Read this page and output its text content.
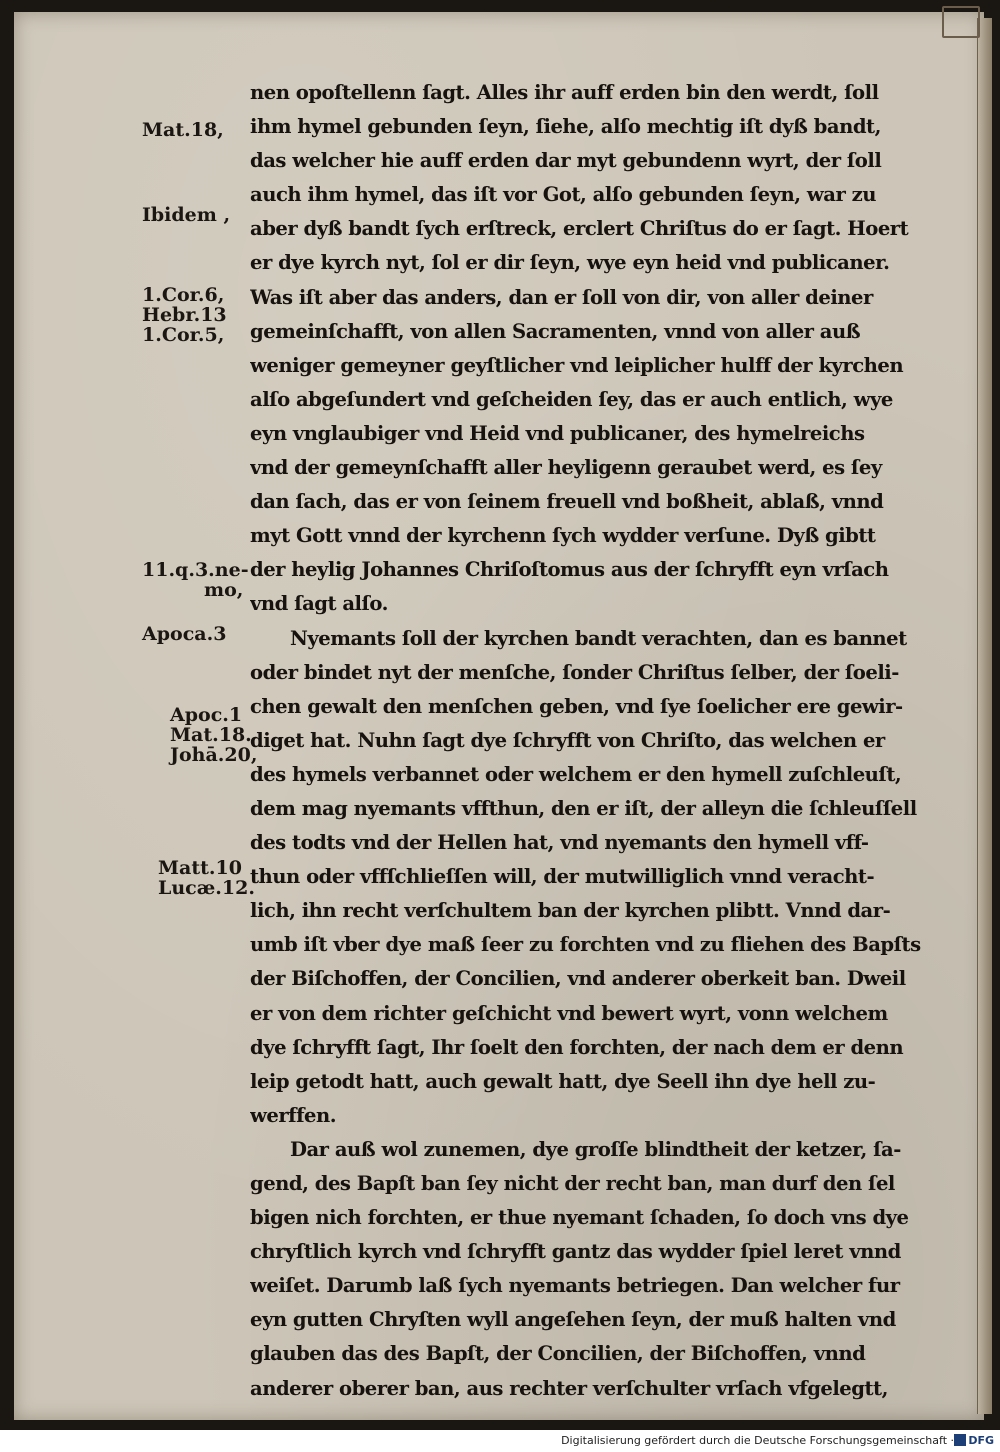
Mat.18,
Ibidem ,
1.Cor.6,
Hebr.13
1.Cor.5,
11.q.3.ne-
mo,
Apoca.3
Apoc.1
Mat.18.
Johā.20,
Matt.10
Lucæ.12.
nen opoſtellenn ſagt. Alles ihr auff erden bin den werdt, ſoll
ihm hymel gebunden ſeyn, ſiehe, alſo mechtig iſt dyß bandt,
das welcher hie auff erden dar myt gebundenn wyrt, der ſoll
auch ihm hymel, das iſt vor Got, alſo gebunden ſeyn, war zu
aber dyß bandt ſych erſtreck, erclert Chriſtus do er ſagt. Hoert
er dye kyrch nyt, ſol er dir ſeyn, wye eyn heid vnd publicaner.
Was iſt aber das anders, dan er ſoll von dir, von aller deiner
gemeinſchafft, von allen Sacramenten, vnnd von aller auß
weniger gemeyner geyſtlicher vnd leiplicher hulff der kyrchen
alſo abgeſundert vnd geſcheiden ſey, das er auch entlich, wye
eyn vnglaubiger vnd Heid vnd publicaner, des hymelreichs
vnd der gemeynſchafft aller heyligenn geraubet werd, es ſey
dan ſach, das er von ſeinem freuell vnd boßheit, ablaß, vnnd
myt Gott vnnd der kyrchenn ſych wydder verſune. Dyß gibtt
der heylig Johannes Chriſoſtomus aus der ſchryfft eyn vrſach
vnd ſagt alſo.
Nyemants ſoll der kyrchen bandt verachten, dan es bannet
oder bindet nyt der menſche, ſonder Chriſtus ſelber, der ſoeli-
chen gewalt den menſchen geben, vnd ſye ſoelicher ere gewir-
diget hat. Nuhn ſagt dye ſchryfft von Chriſto, das welchen er
des hymels verbannet oder welchem er den hymell zuſchleuſt,
dem mag nyemants vffthun, den er iſt, der alleyn die ſchleuſſell
des todts vnd der Hellen hat, vnd nyemants den hymell vff-
thun oder vffſchlieſſen will, der mutwilliglich vnnd veracht-
lich, ihn recht verſchultem ban der kyrchen plibtt. Vnnd dar-
umb iſt vber dye maß ſeer zu forchten vnd zu fliehen des Bapſts
der Biſchoffen, der Concilien, vnd anderer oberkeit ban. Dweil
er von dem richter geſchicht vnd bewert wyrt, vonn welchem
dye ſchryfft ſagt, Ihr ſoelt den forchten, der nach dem er denn
leip getodt hatt, auch gewalt hatt, dye Seell ihn dye hell zu-
werffen.
Dar auß wol zunemen, dye groſſe blindtheit der ketzer, ſa-
gend, des Bapſt ban ſey nicht der recht ban, man durf den ſel
bigen nich forchten, er thue nyemant ſchaden, ſo doch vns dye
chryſtlich kyrch vnd ſchryfft gantz das wydder ſpiel leret vnnd
weiſet. Darumb laß ſych nyemants betriegen. Dan welcher fur
eyn gutten Chryſten wyll angeſehen ſeyn, der muß halten vnd
glauben das des Bapſt, der Concilien, der Biſchoffen, vnnd
anderer oberer ban, aus rechter verſchulter vrſach vfgelegtt,
Digitalisierung gefördert durch die Deutsche Forschungsgemeinschaft · DFG
